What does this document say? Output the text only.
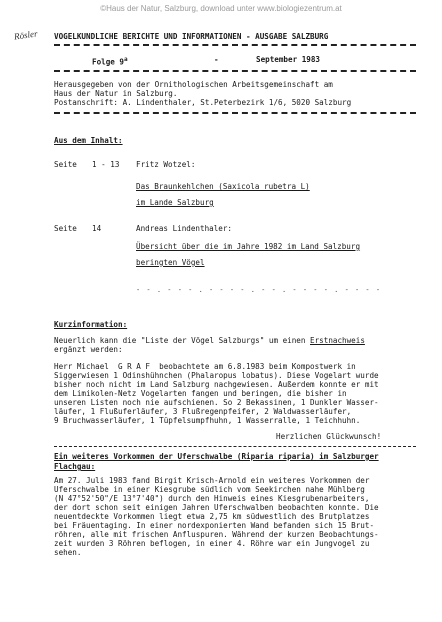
©Haus der Natur, Salzburg, download unter www.biologiezentrum.at
Rösler VOGELKUNDLICHE BERICHTE UND INFORMATIONEN - AUSGABE SALZBURG
Folge 9$^a$	-	September 1983
Herausgegeben von der Ornithologischen Arbeitsgemeinschaft am
Haus der Natur in Salzburg.
Postanschrift: A. Lindenthaler, St.Peterbezirk 1/6, 5020 Salzburg
Aus dem Inhalt:
Seite 1 - 13 Fritz Wotzel:
Das Braunkehlchen (Saxicola rubetra L)
im Lande Salzburg
Seite 14	Andreas Lindenthaler:
Übersicht über die im Jahre 1982 im Land Salzburg
beringten Vögel
- - . - - - . - - - - . - - . - - - - . - - - -
Kurzinformation:
Neuerlich kann die "Liste der Vögel Salzburgs" um einen Erstnachweis
ergänzt werden:
Herr Michael  G R A F  beobachtete am 6.8.1983 beim Kompostwerk in
Siggerwiesen 1 Odinshühnchen (Phalaropus lobatus). Diese Vogelart wurde
bisher noch nicht im Land Salzburg nachgewiesen. Außerdem konnte er mit
dem Limikolen-Netz Vogelarten fangen und beringen, die bisher in
unseren Listen noch nie aufschienen. So 2 Bekassinen, 1 Dunkler Wasser-
läufer, 1 Flußuferläufer, 3 Flußregenpfeifer, 2 Waldwasserläufer,
9 Bruchwasserläufer, 1 Tüpfelsumpfhuhn, 1 Wasserralle, 1 Teichhuhn.
Herzlichen Glückwunsch!
Ein weiteres Vorkommen der Uferschwalbe (Riparia riparia) im Salzburger
Flachgau:
Am 27. Juli 1983 fand Birgit Krisch-Arnold ein weiteres Vorkommen der
Uferschwalbe in einer Kiesgrube südlich vom Seekirchen nahe Mühlberg
(N 47°52'50"/E 13°7'40") durch den Hinweis eines Kiesgrubenarbeiters,
der dort schon seit einigen Jahren Uferschwalben beobachten konnte. Die
neuentdeckte Vorkommen liegt etwa 2,75 km südwestlich des Brutplatzes
bei Fräuentaging. In einer nordexponierten Wand befanden sich 15 Brut-
röhren, alle mit frischen Anfluspuren. Während der kurzen Beobachtungs-
zeit wurden 3 Röhren beflogen, in einer 4. Röhre war ein Jungvogel zu
sehen.
